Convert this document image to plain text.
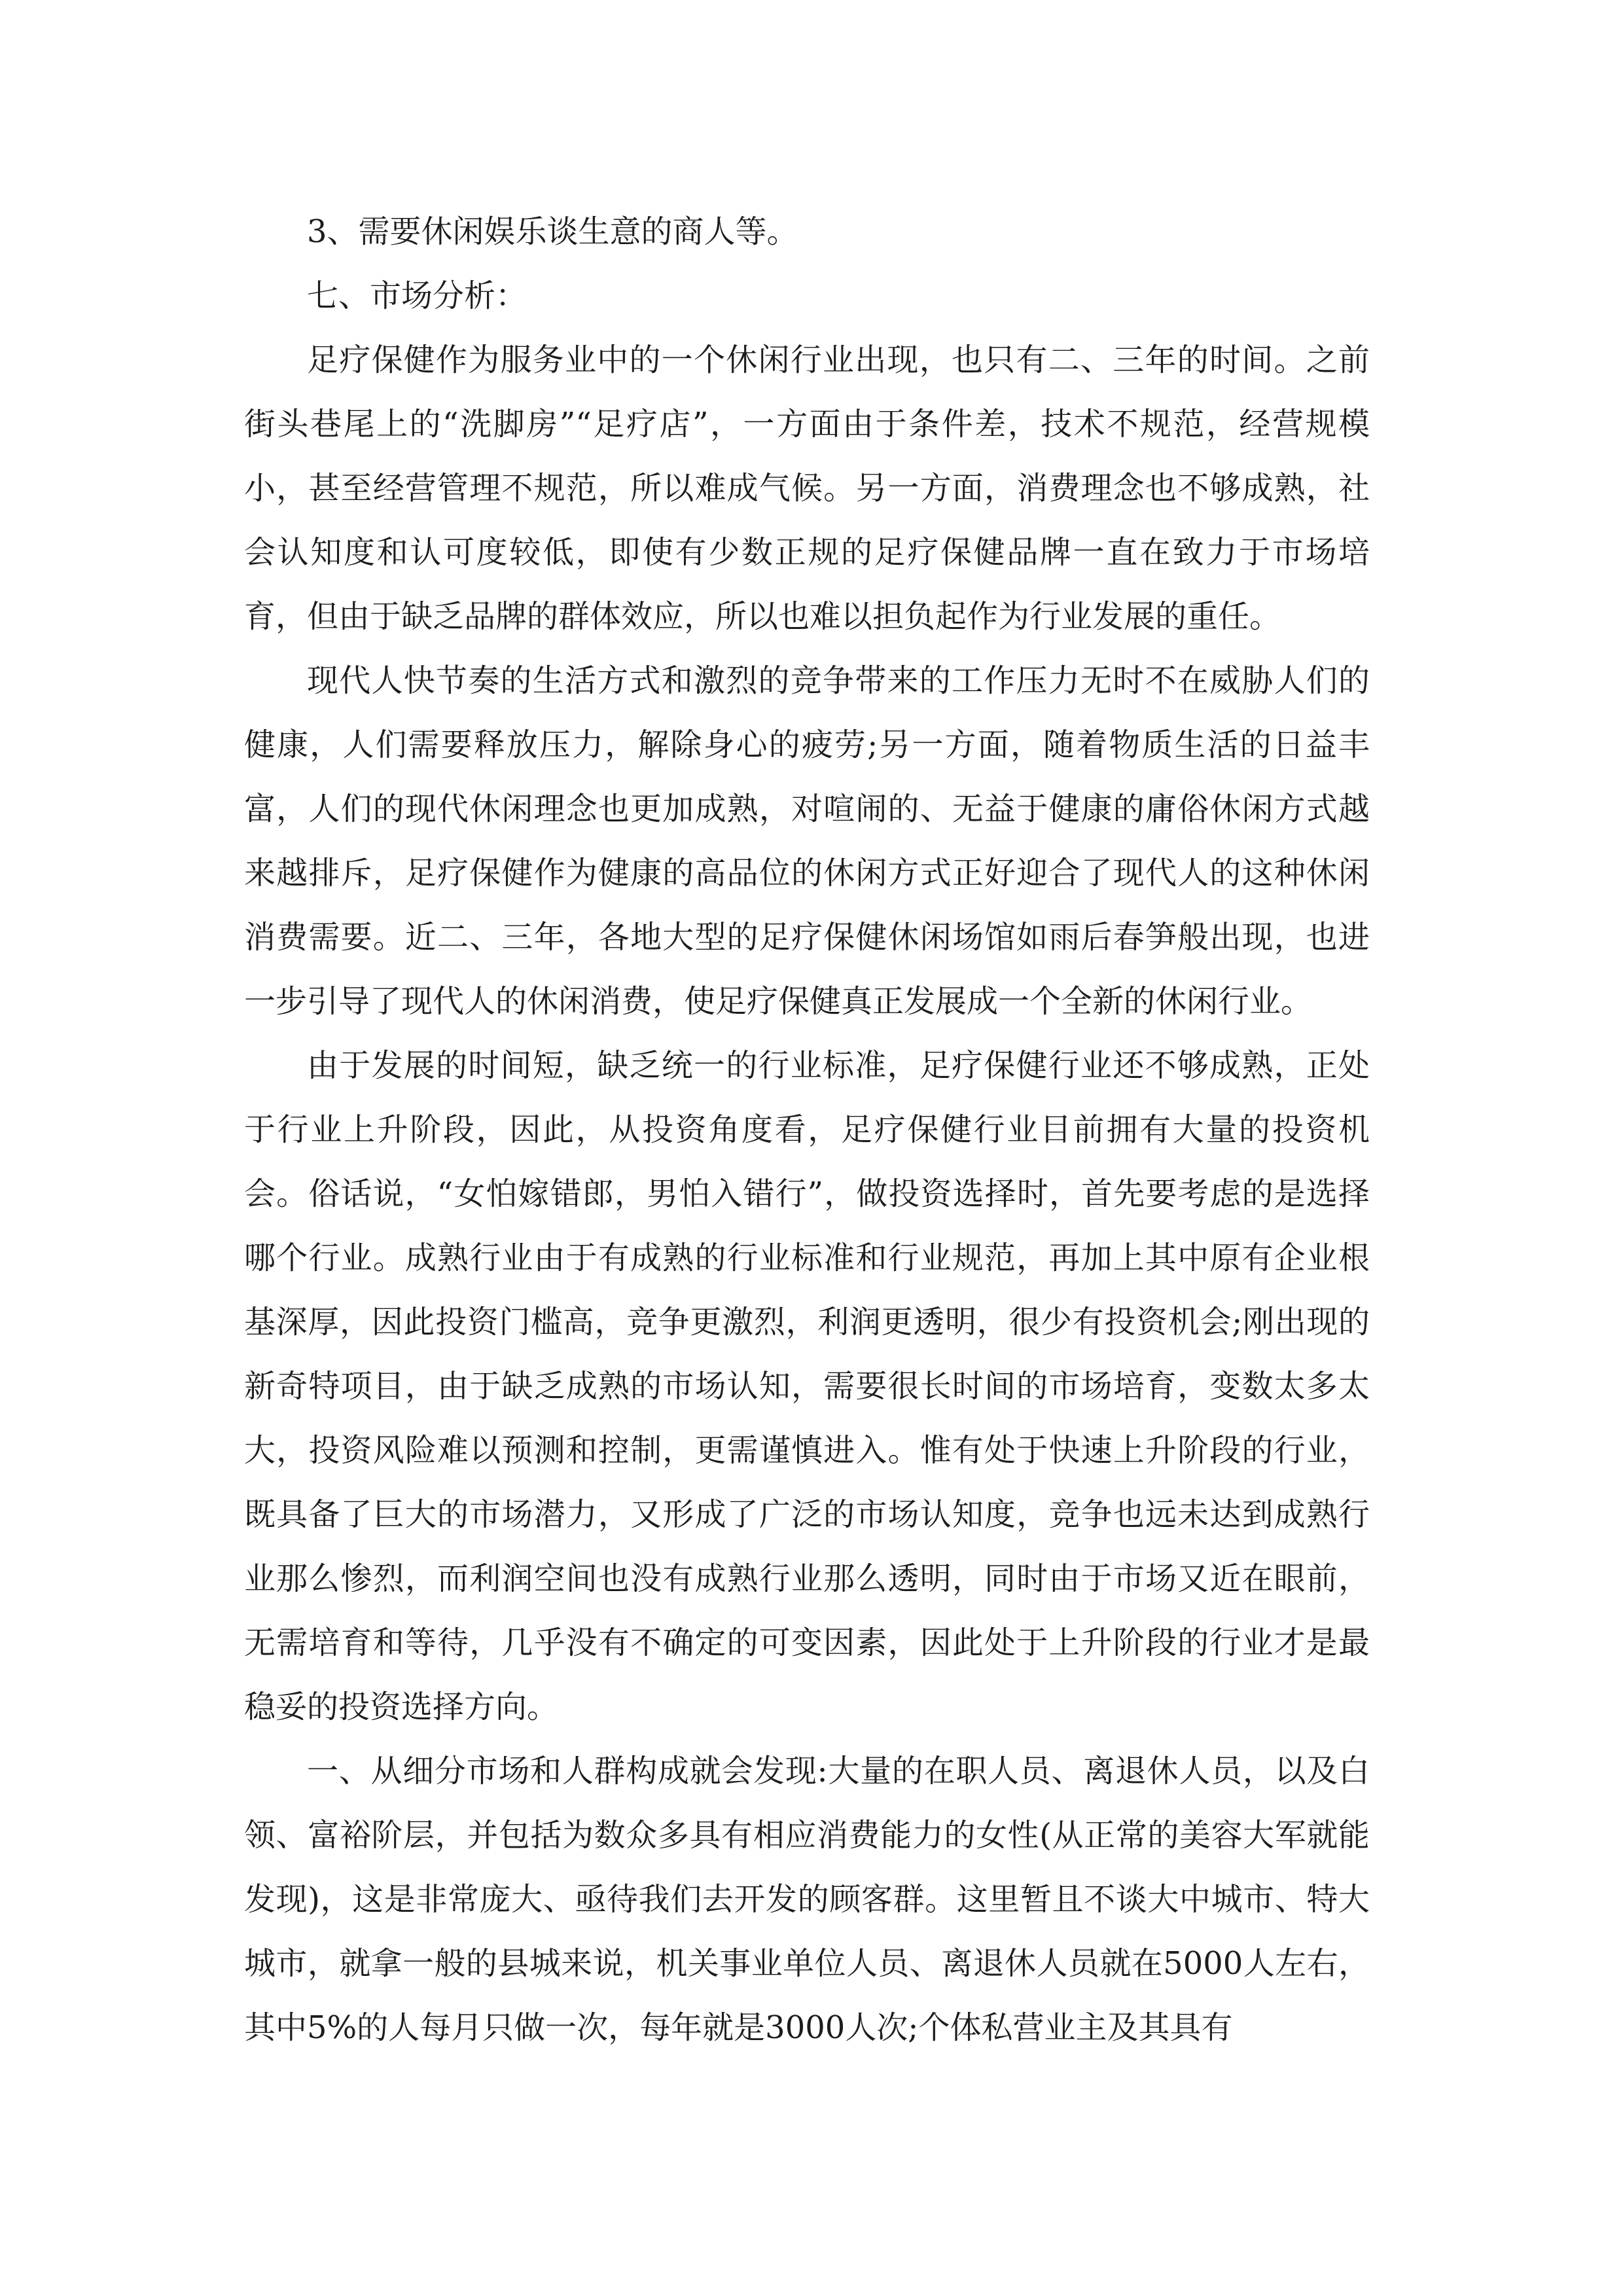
3、需要休闲娱乐谈生意的商人等。

七、市场分析：

足疗保健作为服务业中的一个休闲行业出现，也只有二、三年的时间。之前街头巷尾上的“洗脚房”“足疗店”，一方面由于条件差，技术不规范，经营规模小，甚至经营管理不规范，所以难成气候。另一方面，消费理念也不够成熟，社会认知度和认可度较低，即使有少数正规的足疗保健品牌一直在致力于市场培育，但由于缺乏品牌的群体效应，所以也难以担负起作为行业发展的重任。

现代人快节奏的生活方式和激烈的竞争带来的工作压力无时不在威胁人们的健康，人们需要释放压力，解除身心的疲劳;另一方面，随着物质生活的日益丰富，人们的现代休闲理念也更加成熟，对喧闹的、无益于健康的庸俗休闲方式越来越排斥，足疗保健作为健康的高品位的休闲方式正好迎合了现代人的这种休闲消费需要。近二、三年，各地大型的足疗保健休闲场馆如雨后春笋般出现，也进一步引导了现代人的休闲消费，使足疗保健真正发展成一个全新的休闲行业。

由于发展的时间短，缺乏统一的行业标准，足疗保健行业还不够成熟，正处于行业上升阶段，因此，从投资角度看，足疗保健行业目前拥有大量的投资机会。俗话说，“女怕嫁错郎，男怕入错行”，做投资选择时，首先要考虑的是选择哪个行业。成熟行业由于有成熟的行业标准和行业规范，再加上其中原有企业根基深厚，因此投资门槛高，竞争更激烈，利润更透明，很少有投资机会;刚出现的新奇特项目，由于缺乏成熟的市场认知，需要很长时间的市场培育，变数太多太大，投资风险难以预测和控制，更需谨慎进入。惟有处于快速上升阶段的行业，既具备了巨大的市场潜力，又形成了广泛的市场认知度，竞争也远未达到成熟行业那么惨烈，而利润空间也没有成熟行业那么透明，同时由于市场又近在眼前，无需培育和等待，几乎没有不确定的可变因素，因此处于上升阶段的行业才是最稳妥的投资选择方向。

一、从细分市场和人群构成就会发现:大量的在职人员、离退休人员，以及白领、富裕阶层，并包括为数众多具有相应消费能力的女性(从正常的美容大军就能发现)，这是非常庞大、亟待我们去开发的顾客群。这里暂且不谈大中城市、特大城市，就拿一般的县城来说，机关事业单位人员、离退休人员就在5000人左右，其中5%的人每月只做一次，每年就是3000人次;个体私营业主及其具有
